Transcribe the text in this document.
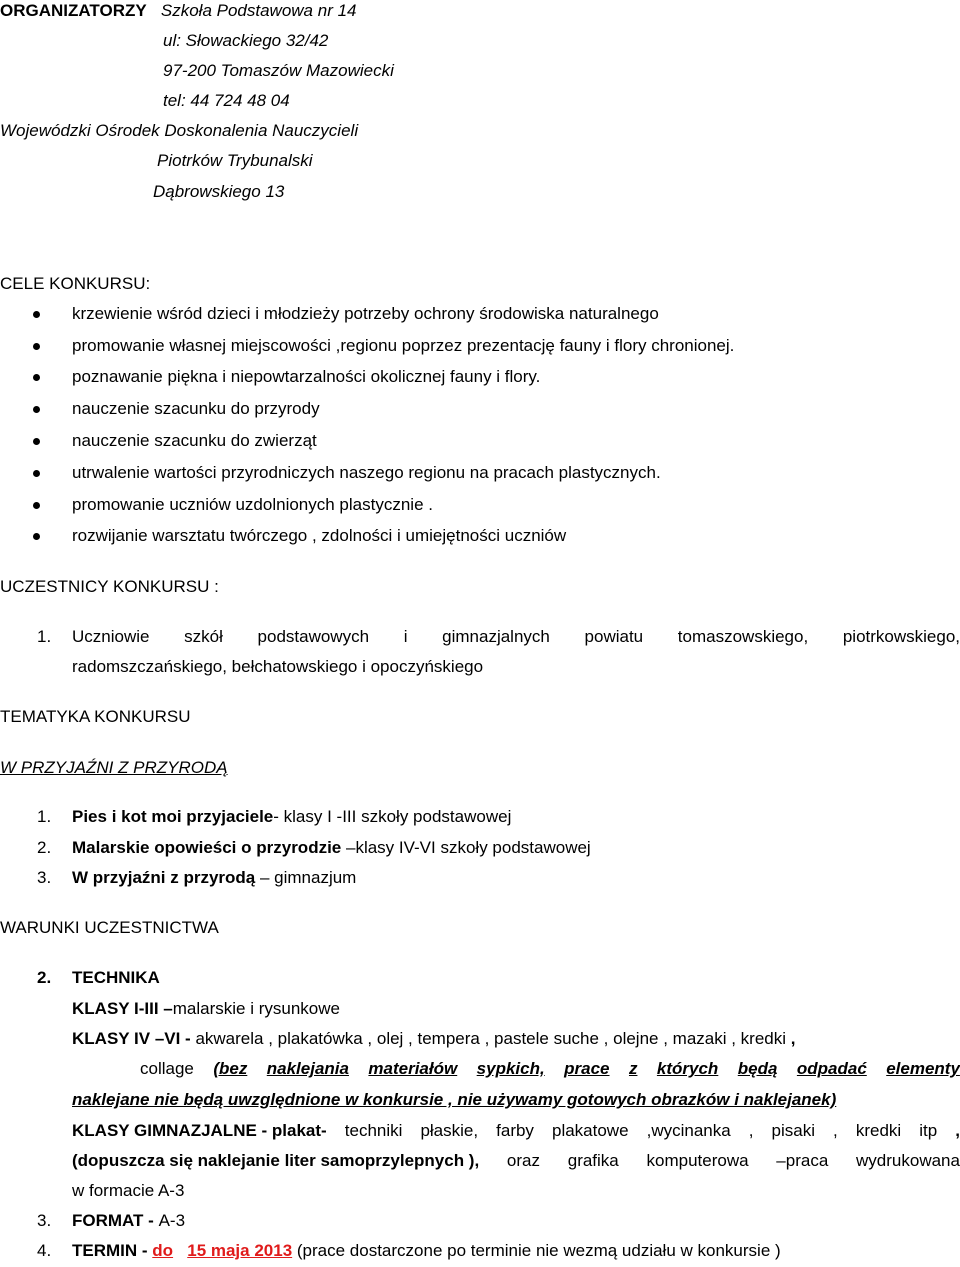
ORGANIZATORZY Szkoła Podstawowa nr 14
ul: Słowackiego 32/42
97-200 Tomaszów Mazowiecki
tel: 44 724 48 04
Wojewódzki Ośrodek Doskonalenia Nauczycieli
Piotrków Trybunalski
Dąbrowskiego 13
CELE KONKURSU:
krzewienie wśród dzieci i młodzieży potrzeby ochrony środowiska naturalnego
promowanie własnej miejscowości ,regionu poprzez prezentację fauny i flory chronionej.
poznawanie piękna i niepowtarzalności okolicznej fauny i flory.
nauczenie szacunku do przyrody
nauczenie szacunku do zwierząt
utrwalenie wartości przyrodniczych naszego regionu na pracach plastycznych.
promowanie uczniów uzdolnionych plastycznie .
rozwijanie warsztatu twórczego , zdolności i umiejętności uczniów
UCZESTNICY KONKURSU :
1. Uczniowie szkół podstawowych i gimnazjalnych powiatu tomaszowskiego, piotrkowskiego,
radomszczańskiego, bełchatowskiego i opoczyńskiego
TEMATYKA KONKURSU
W PRZYJAŹNI Z PRZYRODĄ
1. Pies i kot moi przyjaciele- klasy I -III szkoły podstawowej
2. Malarskie opowieści o przyrodzie –klasy IV-VI szkoły podstawowej
3. W przyjaźni z przyrodą – gimnazjum
WARUNKI UCZESTNICTWA
2. TECHNIKA
KLASY I-III –malarskie i rysunkowe
KLASY IV –VI - akwarela , plakatówka , olej , tempera , pastele suche , olejne , mazaki , kredki ,
collage (bez naklejania materiałów sypkich, prace z których będą odpadać elementy
naklejane nie będą uwzględnione w konkursie , nie używamy gotowych obrazków i naklejanek)
KLASY GIMNAZJALNE - plakat- techniki płaskie, farby plakatowe ,wycinanka , pisaki , kredki itp ,
(dopuszcza się naklejanie liter samoprzylepnych ), oraz grafika komputerowa –praca wydrukowana
w formacie A-3
3. FORMAT - A-3
4. TERMIN - do 15 maja 2013 (prace dostarczone po terminie nie wezmą udziału w konkursie )
